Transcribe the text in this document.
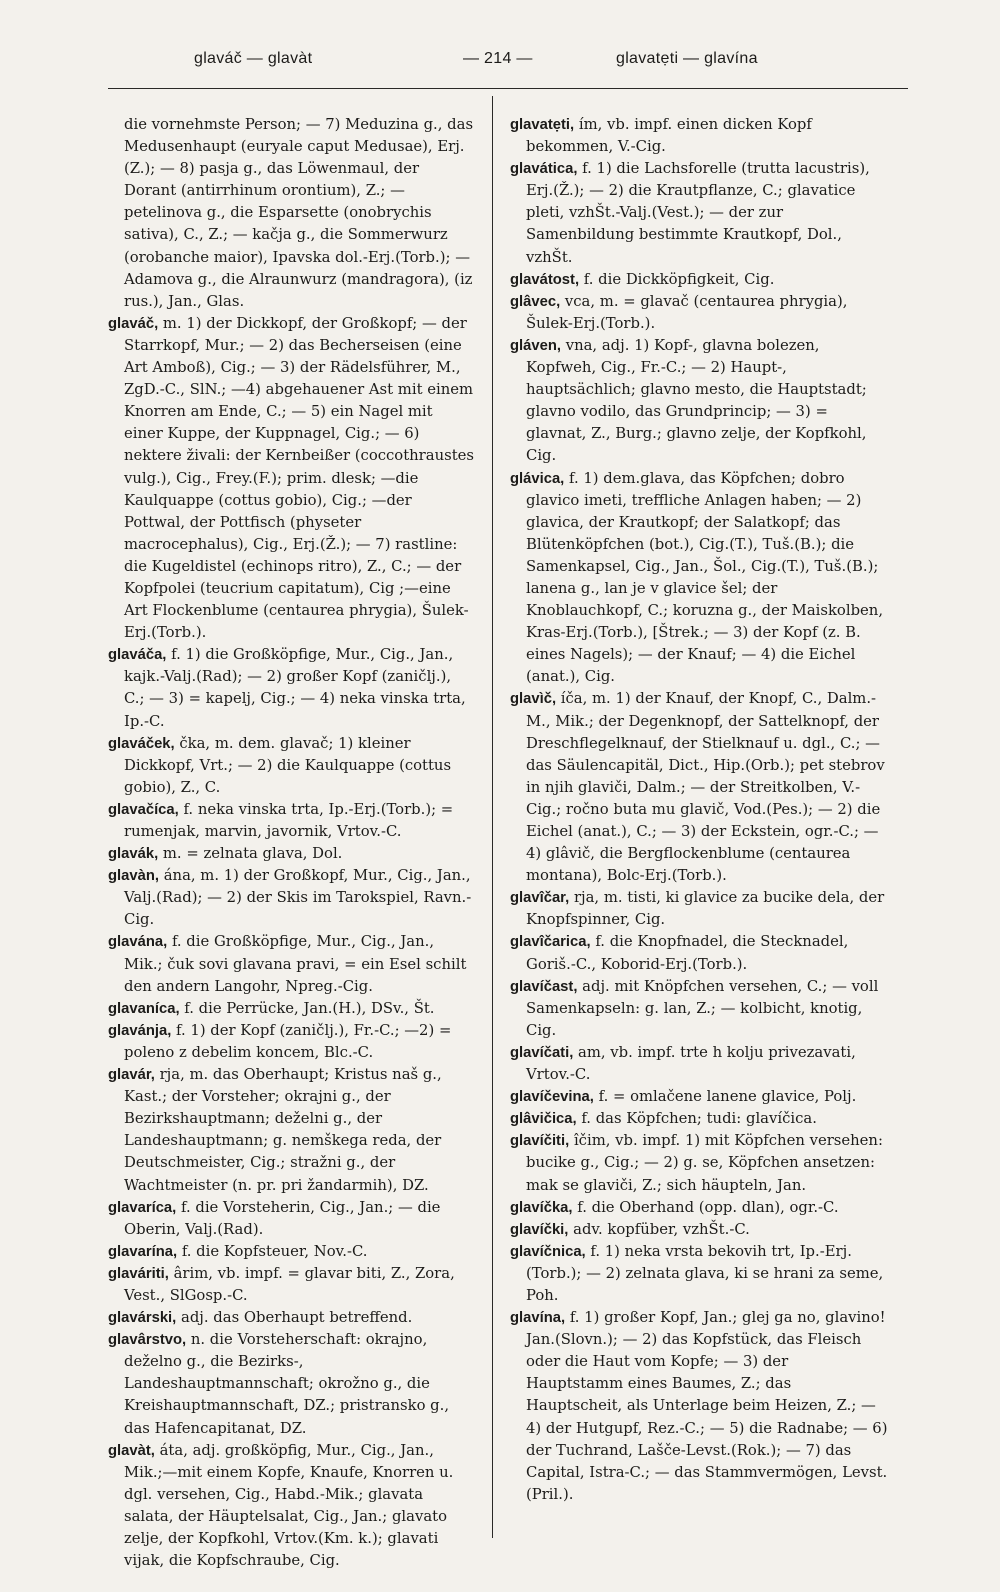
glaváč — glavàt	— 214 —	glavatẹti — glavína

die vornehmste Person; — 7) Meduzina g., das Medusenhaupt (euryale caput Medusae), Erj.(Z.); — 8) pasja g., das Löwenmaul, der Dorant (antirrhinum orontium), Z.; — petelinova g., die Esparsette (onobrychis sativa), C., Z.; — kačja g., die Sommerwurz (orobanche maior), Ipavska dol.-Erj.(Torb.); — Adamova g., die Alraunwurz (mandragora), (iz rus.), Jan., Glas.

glaváč, m. 1) der Dickkopf, der Großkopf; — der Starrkopf, Mur.; — 2) das Becherseisen (eine Art Amboß), Cig.; — 3) der Rädelsführer, M., ZgD.-C., SlN.; —4) abgehauener Ast mit einem Knorren am Ende, C.; — 5) ein Nagel mit einer Kuppe, der Kuppnagel, Cig.; — 6) nektere živali: der Kernbeißer (coccothraustes vulg.), Cig., Frey.(F.); prim. dlesk; —die Kaulquappe (cottus gobio), Cig.; —der Pottwal, der Pottfisch (physeter macrocephalus), Cig., Erj.(Ž.); — 7) rastline: die Kugeldistel (echinops ritro), Z., C.; — der Kopfpolei (teucrium capitatum), Cig ;—eine Art Flockenblume (centaurea phrygia), Šulek-Erj.(Torb.).

glaváča, f. 1) die Großköpfige, Mur., Cig., Jan., kajk.-Valj.(Rad); — 2) großer Kopf (zaničlj.), C.; — 3) = kapelj, Cig.; — 4) neka vinska trta, Ip.-C.

glaváček, čka, m. dem. glavač; 1) kleiner Dickkopf, Vrt.; — 2) die Kaulquappe (cottus gobio), Z., C.

glavačíca, f. neka vinska trta, Ip.-Erj.(Torb.); = rumenjak, marvin, javornik, Vrtov.-C.

glavák, m. = zelnata glava, Dol.

glavàn, ána, m. 1) der Großkopf, Mur., Cig., Jan., Valj.(Rad); — 2) der Skis im Tarokspiel, Ravn.-Cig.

glavána, f. die Großköpfige, Mur., Cig., Jan., Mik.; čuk sovi glavana pravi, = ein Esel schilt den andern Langohr, Npreg.-Cig.

glavaníca, f. die Perrücke, Jan.(H.), DSv., Št.

glavánja, f. 1) der Kopf (zaničlj.), Fr.-C.; —2) = poleno z debelim koncem, Blc.-C.

glavár, rja, m. das Oberhaupt; Kristus naš g., Kast.; der Vorsteher; okrajni g., der Bezirkshauptmann; deželni g., der Landeshauptmann; g. nemškega reda, der Deutschmeister, Cig.; stražni g., der Wachtmeister (n. pr. pri žandarmih), DZ.

glavaríca, f. die Vorsteherin, Cig., Jan.; — die Oberin, Valj.(Rad).

glavarína, f. die Kopfsteuer, Nov.-C.

glaváriti, ârim, vb. impf. = glavar biti, Z., Zora, Vest., SlGosp.-C.

glavárski, adj. das Oberhaupt betreffend.

glavârstvo, n. die Vorsteherschaft: okrajno, deželno g., die Bezirks-, Landeshauptmannschaft; okrožno g., die Kreishauptmannschaft, DZ.; pristransko g., das Hafencapitanat, DZ.

glavàt, áta, adj. großköpfig, Mur., Cig., Jan., Mik.;—mit einem Kopfe, Knaufe, Knorren u. dgl. versehen, Cig., Habd.-Mik.; glavata salata, der Häuptelsalat, Cig., Jan.; glavato zelje, der Kopfkohl, Vrtov.(Km. k.); glavati vijak, die Kopfschraube, Cig.

glavatẹti, ím, vb. impf. einen dicken Kopf bekommen, V.-Cig.

glavática, f. 1) die Lachsforelle (trutta lacustris), Erj.(Ž.); — 2) die Krautpflanze, C.; glavatice pleti, vzhŠt.-Valj.(Vest.); — der zur Samenbildung bestimmte Krautkopf, Dol., vzhŠt.

glavátost, f. die Dickköpfigkeit, Cig.

glâvec, vca, m. = glavač (centaurea phrygia), Šulek-Erj.(Torb.).

gláven, vna, adj. 1) Kopf-, glavna bolezen, Kopfweh, Cig., Fr.-C.; — 2) Haupt-, hauptsächlich; glavno mesto, die Hauptstadt; glavno vodilo, das Grundprincip; — 3) = glavnat, Z., Burg.; glavno zelje, der Kopfkohl, Cig.

glávica, f. 1) dem.glava, das Köpfchen; dobro glavico imeti, treffliche Anlagen haben; — 2) glavica, der Krautkopf; der Salatkopf; das Blütenköpfchen (bot.), Cig.(T.), Tuš.(B.); die Samenkapsel, Cig., Jan., Šol., Cig.(T.), Tuš.(B.); lanena g., lan je v glavice šel; der Knoblauchkopf, C.; koruzna g., der Maiskolben, Kras-Erj.(Torb.), [Štrek.; — 3) der Kopf (z. B. eines Nagels); — der Knauf; — 4) die Eichel (anat.), Cig.

glavìč, íča, m. 1) der Knauf, der Knopf, C., Dalm.-M., Mik.; der Degenknopf, der Sattelknopf, der Dreschflegelknauf, der Stielknauf u. dgl., C.; — das Säulencapitäl, Dict., Hip.(Orb.); pet stebrov in njih glaviči, Dalm.; — der Streitkolben, V.-Cig.; ročno buta mu glavič, Vod.(Pes.); — 2) die Eichel (anat.), C.; — 3) der Eckstein, ogr.-C.; — 4) glâvič, die Bergflockenblume (centaurea montana), Bolc-Erj.(Torb.).

glavîčar, rja, m. tisti, ki glavice za bucike dela, der Knopfspinner, Cig.

glavîčarica, f. die Knopfnadel, die Stecknadel, Goriš.-C., Koborid-Erj.(Torb.).

glavíčast, adj. mit Knöpfchen versehen, C.; — voll Samenkapseln: g. lan, Z.; — kolbicht, knotig, Cig.

glavíčati, am, vb. impf. trte h kolju privezavati, Vrtov.-C.

glavíčevina, f. = omlačene lanene glavice, Polj.

glâvičica, f. das Köpfchen; tudi: glavíčica.

glavíčiti, îčim, vb. impf. 1) mit Köpfchen versehen: bucike g., Cig.; — 2) g. se, Köpfchen ansetzen: mak se glaviči, Z.; sich häupteln, Jan.

glavíčka, f. die Oberhand (opp. dlan), ogr.-C.

glavíčki, adv. kopfüber, vzhŠt.-C.

glavíčnica, f. 1) neka vrsta bekovih trt, Ip.-Erj.(Torb.); — 2) zelnata glava, ki se hrani za seme, Poh.

glavína, f. 1) großer Kopf, Jan.; glej ga no, glavino! Jan.(Slovn.); — 2) das Kopfstück, das Fleisch oder die Haut vom Kopfe; — 3) der Hauptstamm eines Baumes, Z.; das Hauptscheit, als Unterlage beim Heizen, Z.; — 4) der Hutgupf, Rez.-C.; — 5) die Radnabe; — 6) der Tuchrand, Lašče-Levst.(Rok.); — 7) das Capital, Istra-C.; — das Stammvermögen, Levst.(Pril.).
